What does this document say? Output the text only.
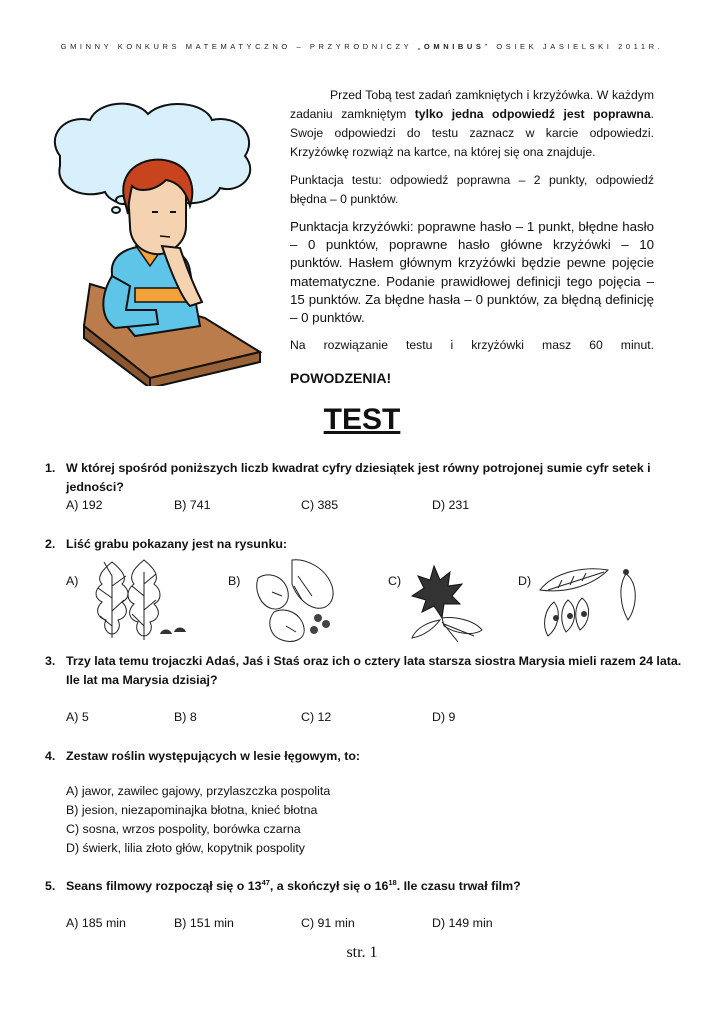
GMINNY KONKURS MATEMATYCZNO – PRZYRODNICZY „OMNIBUS” OSIEK JASIELSKI 2011R.

Przed Tobą test zadań zamkniętych i krzyżówka. W każdym zadaniu zamkniętym tylko jedna odpowiedź jest poprawna. Swoje odpowiedzi do testu zaznacz w karcie odpowiedzi. Krzyżówkę rozwiąż na kartce, na której się ona znajduje.

Punktacja testu: odpowiedź poprawna – 2 punkty, odpowiedź błędna – 0 punktów.

Punktacja krzyżówki: poprawne hasło – 1 punkt, błędne hasło – 0 punktów, poprawne hasło główne krzyżówki – 10 punktów. Hasłem głównym krzyżówki będzie pewne pojęcie matematyczne. Podanie prawidłowej definicji tego pojęcia – 15 punktów. Za błędne hasła – 0 punktów, za błędną definicję – 0 punktów.

Na rozwiązanie testu i krzyżówki masz 60 minut.

POWODZENIA!
TEST
1. W której spośród poniższych liczb kwadrat cyfry dziesiątek jest równy potrojonej sumie cyfr setek i jedności?
A) 192	B) 741	C) 385	D) 231
2. Liść grabu pokazany jest na rysunku:
A)	B)	C)	D)
3. Trzy lata temu trojaczki Adaś, Jaś i Staś oraz ich o cztery lata starsza siostra Marysia mieli razem 24 lata. Ile lat ma Marysia dzisiaj?
A) 5	B) 8	C) 12	D) 9
4. Zestaw roślin występujących w lesie łęgowym, to:
A) jawor, zawilec gajowy, przylaszczka pospolita
B) jesion, niezapominajka błotna, knieć błotna
C) sosna, wrzos pospolity, borówka czarna
D) świerk, lilia złoto głów, kopytnik pospolity
5. Seans filmowy rozpoczął się o $13^{47}$, a skończył się o $16^{18}$. Ile czasu trwał film?
A) 185 min	B) 151 min	C) 91 min	D) 149 min
str. 1
